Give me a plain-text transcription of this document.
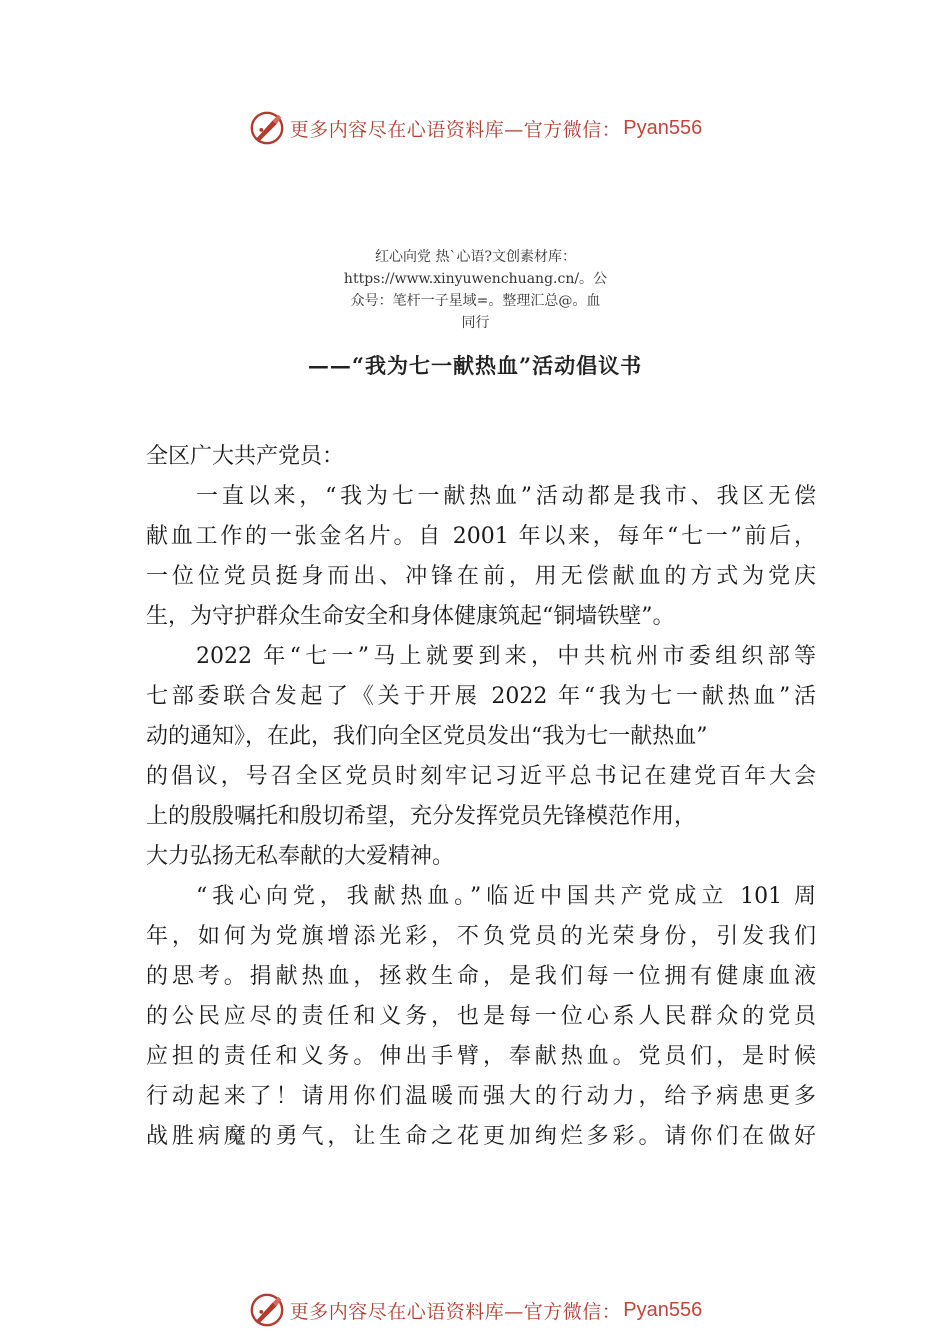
更多内容尽在心语资料库—官方微信： Pyan556
红心向党 热`心语?文创素材库：
https://www.xinyuwenchuang.cn/。公
众号：笔杆一子星域=。整理汇总@。血
同行
——“我为七一献热血”活动倡议书
全区广大共产党员：
一直以来，“我为七一献热血”活动都是我市、我区无偿
献血工作的一张金名片。自 2001 年以来，每年“七一”前后，
一位位党员挺身而出、冲锋在前，用无偿献血的方式为党庆
生，为守护群众生命安全和身体健康筑起“铜墙铁壁”。
2022 年“七一”马上就要到来，中共杭州市委组织部等
七部委联合发起了《关于开展 2022 年“我为七一献热血”活
动的通知》，在此，我们向全区党员发出“我为七一献热血”
的倡议，号召全区党员时刻牢记习近平总书记在建党百年大会
上的殷殷嘱托和殷切希望，充分发挥党员先锋模范作用，
大力弘扬无私奉献的大爱精神。
“我心向党，我献热血。”临近中国共产党成立 101 周
年，如何为党旗增添光彩，不负党员的光荣身份，引发我们
的思考。捐献热血，拯救生命，是我们每一位拥有健康血液
的公民应尽的责任和义务，也是每一位心系人民群众的党员
应担的责任和义务。伸出手臂，奉献热血。党员们，是时候
行动起来了！请用你们温暖而强大的行动力，给予病患更多
战胜病魔的勇气，让生命之花更加绚烂多彩。请你们在做好
更多内容尽在心语资料库—官方微信： Pyan556
